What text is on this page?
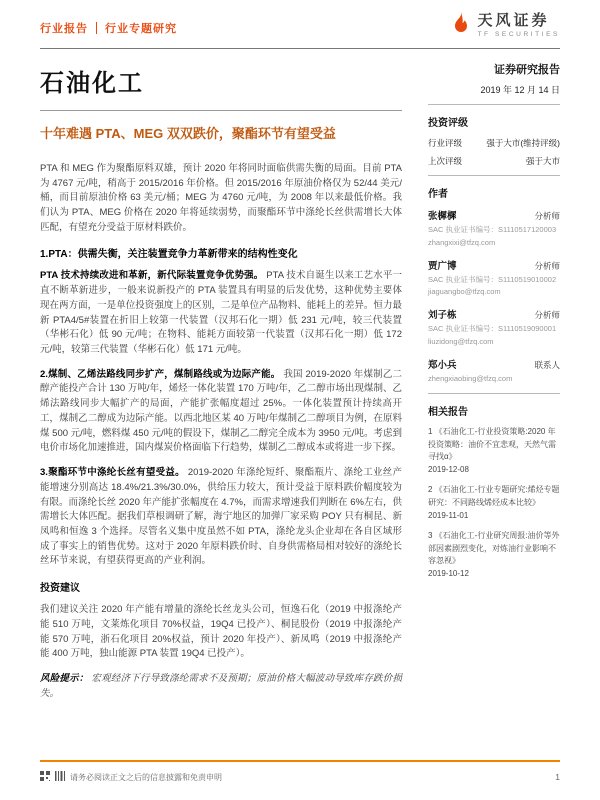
行业报告 行业专题研究	天风证券
TF SECURITIES
石油化工
十年难遇 PTA、MEG 双双跌价，聚酯环节有望受益

PTA 和 MEG 作为聚酯原料双雄，预计 2020 年将同时面临供需失衡的局面。目前 PTA 为 4767 元/吨，稍高于 2015/2016 年价格。但 2015/2016 年原油价格仅为 52/44 美元/桶，而目前原油价格 63 美元/桶；MEG 为 4760 元/吨，为 2008 年以来最低价格。我们认为 PTA、MEG 价格在 2020 年将延续弱势，而聚酯环节中涤纶长丝供需增长大体匹配，有望充分受益于原材料跌价。

1.PTA：供需失衡，关注装置竞争力革新带来的结构性变化

PTA 技术持续改进和革新，新代际装置竞争优势强。 PTA 技术自诞生以来工艺水平一直不断革新进步，一般来说新投产的 PTA 装置具有明显的后发优势，这种优势主要体现在两方面，一是单位投资强度上的区别，二是单位产品物料、能耗上的差异。恒力最新 PTA4/5#装置在折旧上较第一代装置（汉邦石化一期）低 231 元/吨，较三代装置（华彬石化）低 90 元/吨；在物料、能耗方面较第一代装置（汉邦石化一期）低 172 元/吨，较第三代装置（华彬石化）低 171 元/吨。

2.煤制、乙烯法路线同步扩产，煤制路线或为边际产能。 我国 2019-2020 年煤制乙二醇产能投产合计 130 万吨/年，烯烃一体化装置 170 万吨/年，乙二醇市场出现煤制、乙烯法路线同步大幅扩产的局面，产能扩张幅度超过 25%。一体化装置预计持续高开工，煤制乙二醇成为边际产能。以西北地区某 40 万吨/年煤制乙二醇项目为例，在原料煤 500 元/吨，燃料煤 450 元/吨的假设下，煤制乙二醇完全成本为 3950 元/吨。考虑到电价市场化加速推进，国内煤炭价格面临下行趋势，煤制乙二醇成本或将进一步下探。

3.聚酯环节中涤纶长丝有望受益。 2019-2020 年涤纶短纤、聚酯瓶片、涤纶工业丝产能增速分别高达 18.4%/21.3%/30.0%，供给压力较大，预计受益于原料跌价幅度较为有限。而涤纶长丝 2020 年产能扩张幅度在 4.7%，而需求增速我们判断在 6%左右，供需增长大体匹配。据我们草根调研了解，海宁地区的加弹厂家采购 POY 只有桐昆、新凤鸣和恒逸 3 个选择。尽管名义集中度虽然不如 PTA，涤纶龙头企业却在各自区域形成了事实上的销售优势。这对于 2020 年原料跌价时、自身供需格局相对较好的涤纶长丝环节来说，有望获得更高的产业利润。

投资建议

我们建议关注 2020 年产能有增量的涤纶长丝龙头公司，恒逸石化（2019 中报涤纶产能 510 万吨，文莱炼化项目 70%权益，19Q4 已投产）、桐昆股份（2019 中报涤纶产能 570 万吨，浙石化项目 20%权益，预计 2020 年投产）、新凤鸣（2019 中报涤纶产能 400 万吨，独山能源 PTA 装置 19Q4 已投产）。

风险提示： 宏观经济下行导致涤纶需求不及预期；原油价格大幅波动导致库存跌价损失。

证券研究报告
2019 年 12 月 14 日
投资评级
行业评级	强于大市(维持评级)
上次评级	强于大市
作者
张樨樨	分析师
SAC 执业证书编号：S1110517120003
zhangxixi@tfzq.com
贾广博	分析师
SAC 执业证书编号：S1110519010002
jiaguangbo@tfzq.com
刘子栋	分析师
SAC 执业证书编号：S1110519090001
liuzidong@tfzq.com
郑小兵	联系人
zhengxiaobing@tfzq.com
相关报告
1 《石油化工-行业投资策略:2020 年投资策略：油价不宜悲观，天然气需寻找α》
2019-12-08
2 《石油化工-行业专题研究:烯烃专题研究：不同路线烯烃成本比较》
2019-11-01
3 《石油化工-行业研究周报:油价等外部因素剧烈变化，对炼油行业影响不容忽视》
2019-10-12
请务必阅读正文之后的信息披露和免责申明	1
